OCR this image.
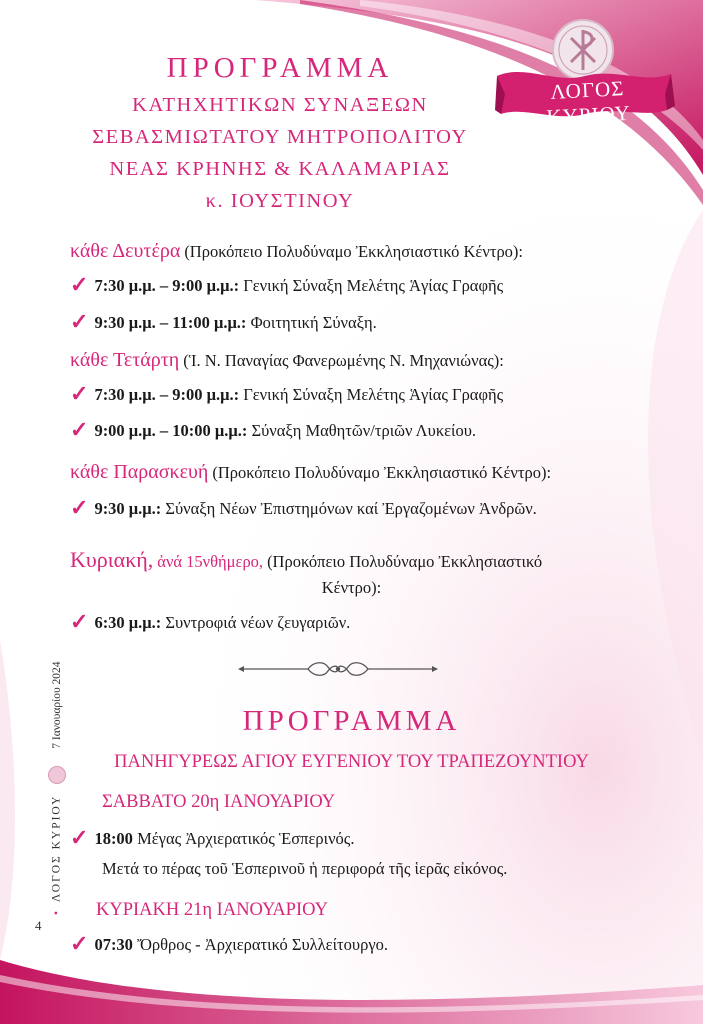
ΛΟΓΟΣ ΚΥΡΙΟΥ
ΠΡΟΓΡΑΜΜΑ
ΚΑΤΗΧΗΤΙΚΩΝ ΣΥΝΑΞΕΩΝ
ΣΕΒΑΣΜΙΩΤΑΤΟΥ ΜΗΤΡΟΠΟΛΙΤΟΥ
ΝΕΑΣ ΚΡΗΝΗΣ & ΚΑΛΑΜΑΡΙΑΣ
κ. ΙΟΥΣΤΙΝΟΥ
κάθε Δευτέρα (Προκόπειο Πολυδύναμο Ἐκκλησιαστικό Κέντρο):
✓ 7:30 μ.μ. – 9:00 μ.μ.: Γενική Σύναξη Μελέτης Ἁγίας Γραφῆς
✓ 9:30 μ.μ. – 11:00 μ.μ.: Φοιτητική Σύναξη.
κάθε Τετάρτη (Ἱ. Ν. Παναγίας Φανερωμένης Ν. Μηχανιώνας):
✓ 7:30 μ.μ. – 9:00 μ.μ.: Γενική Σύναξη Μελέτης Ἁγίας Γραφῆς
✓ 9:00 μ.μ. – 10:00 μ.μ.: Σύναξη Μαθητῶν/τριῶν Λυκείου.
κάθε Παρασκευή (Προκόπειο Πολυδύναμο Ἐκκλησιαστικό Κέντρο):
✓ 9:30 μ.μ.: Σύναξη Νέων Ἐπιστημόνων καί Ἐργαζομένων Ἀνδρῶν.
Κυριακή, ἀνά 15νθήμερο, (Προκόπειο Πολυδύναμο Ἐκκλησιαστικό
Κέντρο):
✓ 6:30 μ.μ.: Συντροφιά νέων ζευγαριῶν.
ΠΡΟΓΡΑΜΜΑ
ΠΑΝΗΓΥΡΕΩΣ ΑΓΙΟΥ ΕΥΓΕΝΙΟΥ ΤΟΥ ΤΡΑΠΕΖΟΥΝΤΙΟΥ
ΣΑΒΒΑΤΟ 20η ΙΑΝΟΥΑΡΙΟΥ
✓ 18:00 Μέγας Ἀρχιερατικός Ἑσπερινός.
Μετά το πέρας τοῦ Ἑσπερινοῦ ἡ περιφορά τῆς ἱερᾶς εἰκόνος.
ΚΥΡΙΑΚΗ 21η ΙΑΝΟΥΑΡΙΟΥ
✓ 07:30 Ὄρθρος - Ἀρχιερατικό Συλλείτουργο.
4
• ΛΟΓΟΣ ΚΥΡΙΟΥ  7 Ιανουαρίου 2024
